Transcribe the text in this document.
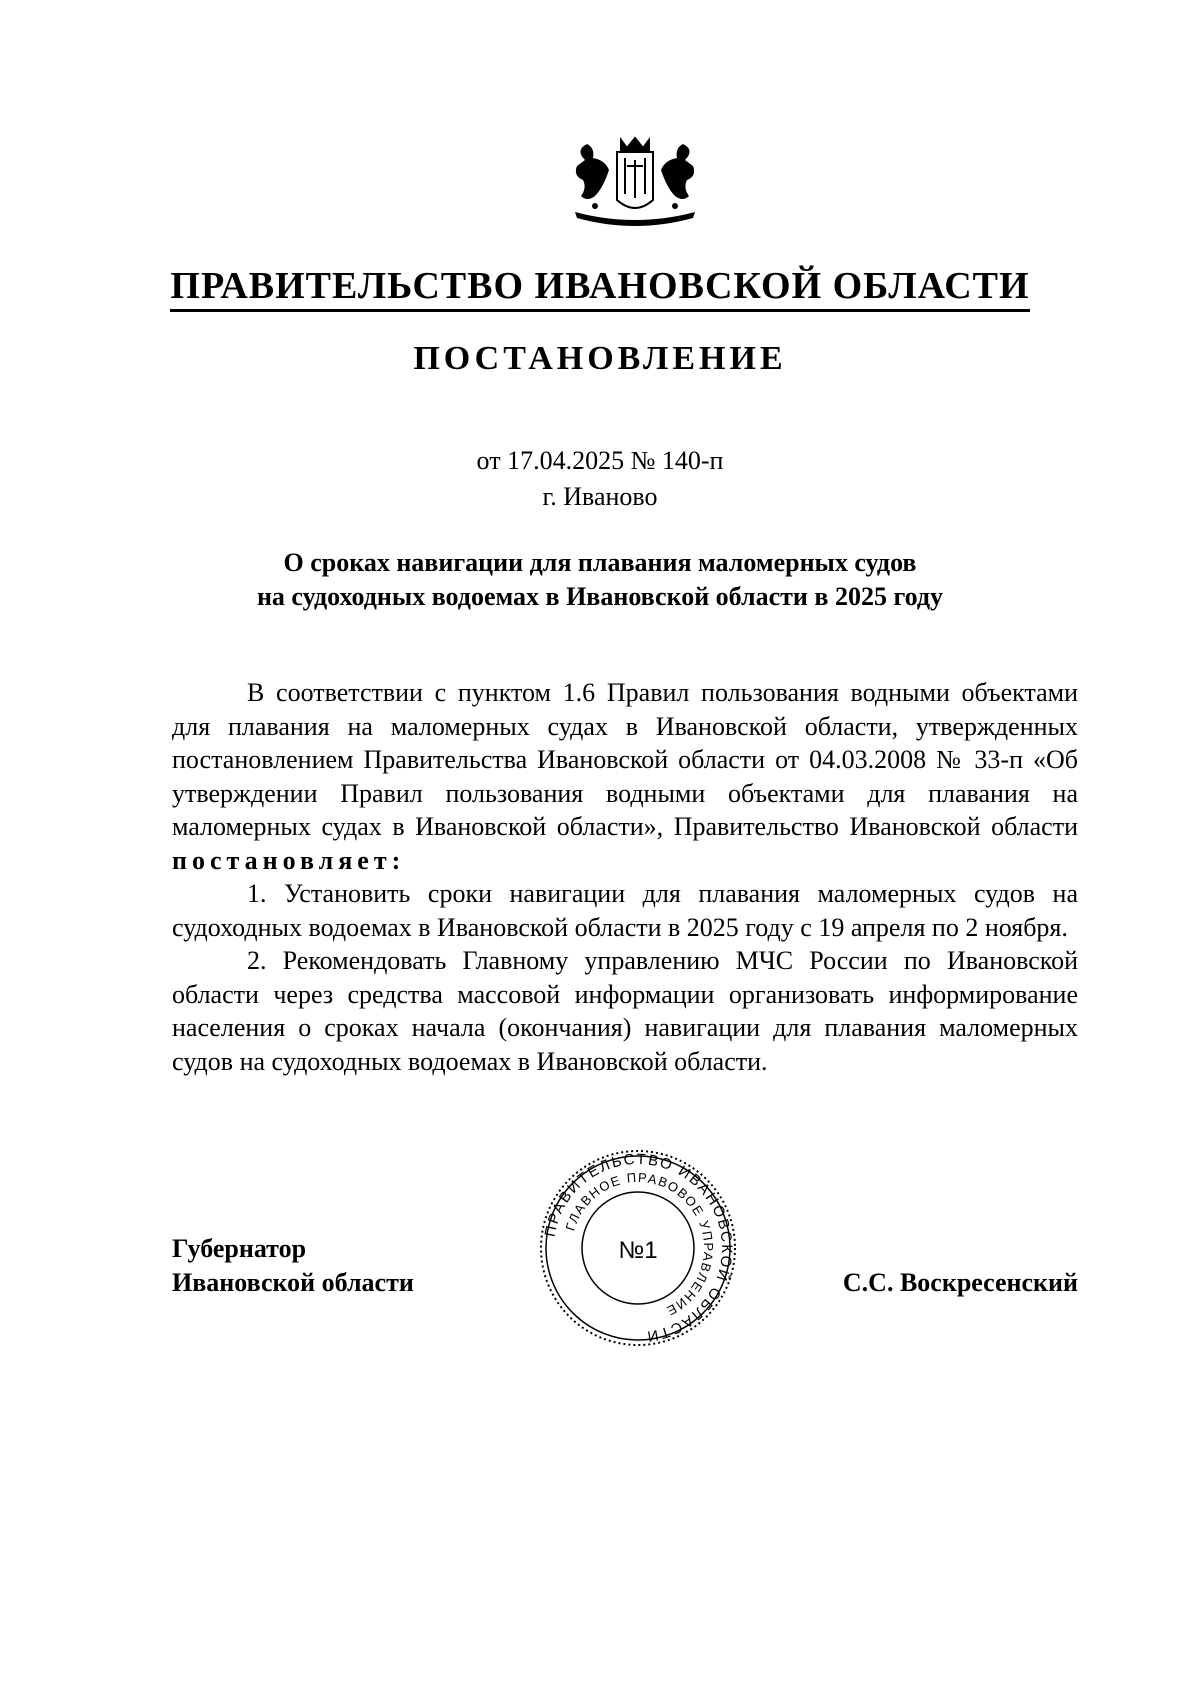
ПРАВИТЕЛЬСТВО ИВАНОВСКОЙ ОБЛАСТИ
ПОСТАНОВЛЕНИЕ
от 17.04.2025 № 140-п
г. Иваново
О сроках навигации для плавания маломерных судов
на судоходных водоемах в Ивановской области в 2025 году

В соответствии с пунктом 1.6 Правил пользования водными объектами для плавания на маломерных судах в Ивановской области, утвержденных постановлением Правительства Ивановской области от 04.03.2008 № 33-п «Об утверждении Правил пользования водными объектами для плавания на маломерных судах в Ивановской области», Правительство Ивановской области постановляет:

1. Установить сроки навигации для плавания маломерных судов на судоходных водоемах в Ивановской области в 2025 году с 19 апреля по 2 ноября.

2. Рекомендовать Главному управлению МЧС России по Ивановской области через средства массовой информации организовать информирование населения о сроках начала (окончания) навигации для плавания маломерных судов на судоходных водоемах в Ивановской области.

Губернатор
Ивановской области
ПРАВИТЕЛЬСТВО ИВАНОВСКОЙ ОБЛАСТИ
ГЛАВНОЕ ПРАВОВОЕ УПРАВЛЕНИЕ
№1
С.С. Воскресенский
